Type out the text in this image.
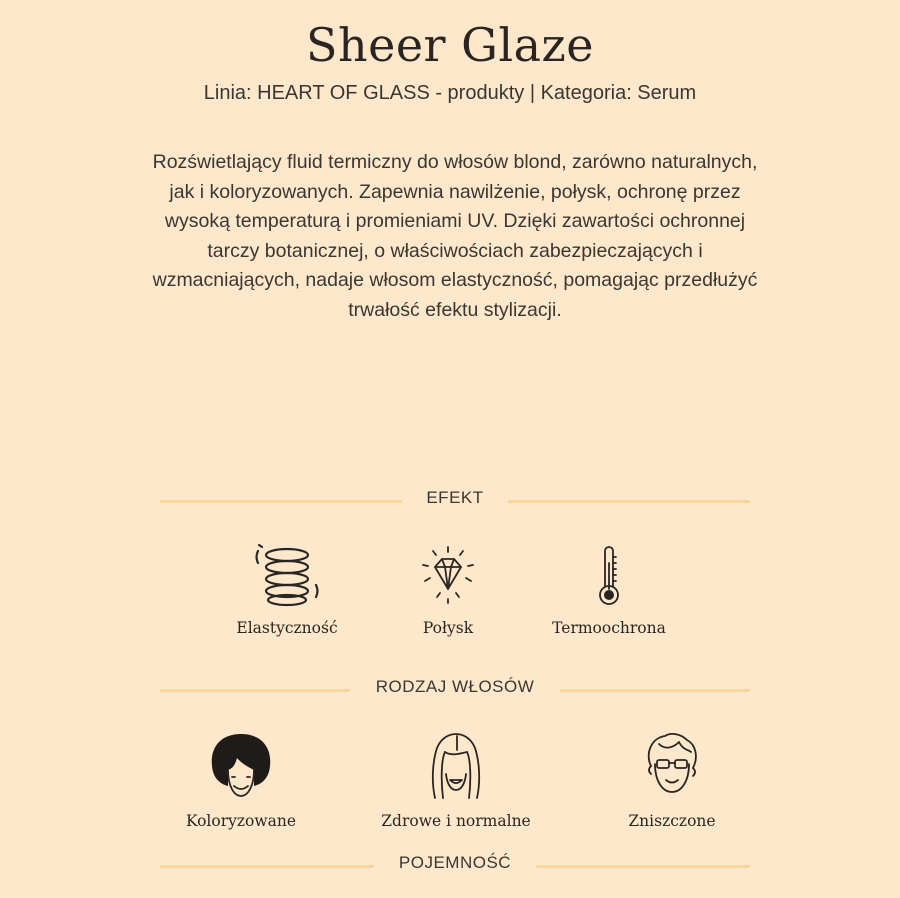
Sheer Glaze
Linia: HEART OF GLASS - produkty | Kategoria: Serum
Rozświetlający fluid termiczny do włosów blond, zarówno naturalnych, jak i koloryzowanych. Zapewnia nawilżenie, połysk, ochronę przez wysoką temperaturą i promieniami UV. Dzięki zawartości ochronnej tarczy botanicznej, o właściwościach zabezpieczających i wzmacniających, nadaje włosom elastyczność, pomagając przedłużyć trwałość efektu stylizacji.
EFEKT
Elastyczność	Połysk	Termoochrona
RODZAJ WŁOSÓW
Koloryzowane	Zdrowe i normalne	Zniszczone
POJEMNOŚĆ
